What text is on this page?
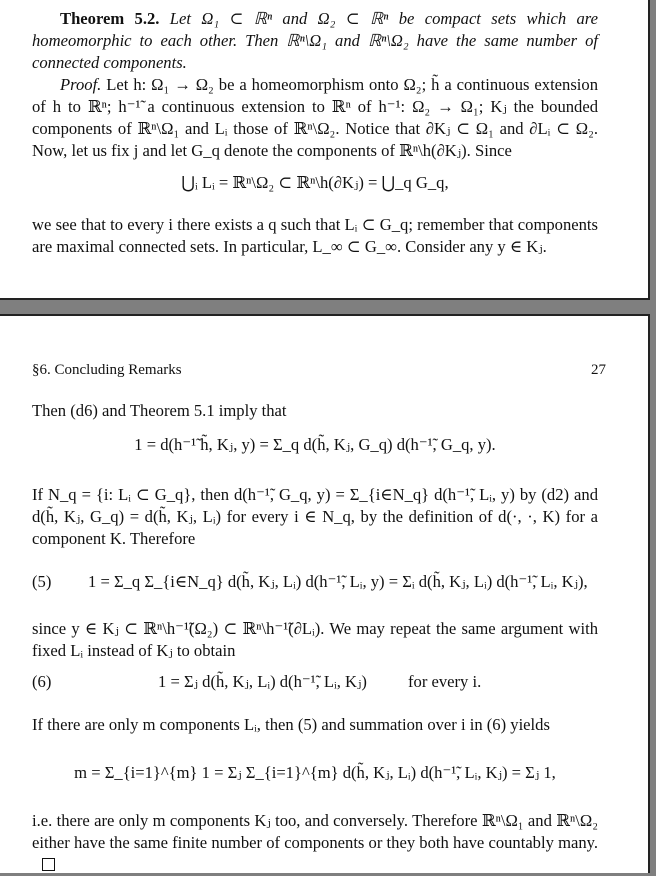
Theorem 5.2. Let Ω₁ ⊂ ℝⁿ and Ω₂ ⊂ ℝⁿ be compact sets which are homeomorphic to each other. Then ℝⁿ\Ω₁ and ℝⁿ\Ω₂ have the same number of connected components.

Proof. Let h: Ω₁ → Ω₂ be a homeomorphism onto Ω₂; h̃ a continuous extension of h to ℝⁿ; h⁻¹̃ a continuous extension to ℝⁿ of h⁻¹: Ω₂ → Ω₁; Kⱼ the bounded components of ℝⁿ\Ω₁ and Lᵢ those of ℝⁿ\Ω₂. Notice that ∂Kⱼ ⊂ Ω₁ and ∂Lᵢ ⊂ Ω₂. Now, let us fix j and let G_q denote the components of ℝⁿ\h(∂Kⱼ). Since

⋃ᵢ Lᵢ = ℝⁿ\Ω₂ ⊂ ℝⁿ\h(∂Kⱼ) = ⋃_q G_q,

we see that to every i there exists a q such that Lᵢ ⊂ G_q; remember that components are maximal connected sets. In particular, L_∞ ⊂ G_∞. Consider any y ∈ Kⱼ.

§6. Concluding Remarks	27

Then (d6) and Theorem 5.1 imply that

1 = d(h⁻¹̃ h̃, Kⱼ, y) = Σ_q d(h̃, Kⱼ, G_q) d(h⁻¹̃, G_q, y).

If N_q = {i: Lᵢ ⊂ G_q}, then d(h⁻¹̃, G_q, y) = Σ_{i∈N_q} d(h⁻¹̃, Lᵢ, y) by (d2) and d(h̃, Kⱼ, G_q) = d(h̃, Kⱼ, Lᵢ) for every i ∈ N_q, by the definition of d(·, ·, K) for a component K. Therefore

(5) 1 = Σ_q Σ_{i∈N_q} d(h̃, Kⱼ, Lᵢ) d(h⁻¹̃, Lᵢ, y) = Σᵢ d(h̃, Kⱼ, Lᵢ) d(h⁻¹̃, Lᵢ, Kⱼ),

since y ∈ Kⱼ ⊂ ℝⁿ\h⁻¹̃(Ω₂) ⊂ ℝⁿ\h⁻¹̃(∂Lᵢ). We may repeat the same argument with fixed Lᵢ instead of Kⱼ to obtain

(6)	1 = Σⱼ d(h̃, Kⱼ, Lᵢ) d(h⁻¹̃, Lᵢ, Kⱼ) for every i.

If there are only m components Lᵢ, then (5) and summation over i in (6) yields

m = Σ_{i=1}^{m} 1 = Σⱼ Σ_{i=1}^{m} d(h̃, Kⱼ, Lᵢ) d(h⁻¹̃, Lᵢ, Kⱼ) = Σⱼ 1,

i.e. there are only m components Kⱼ too, and conversely. Therefore ℝⁿ\Ω₁ and ℝⁿ\Ω₂ either have the same finite number of components or they both have countably many.
